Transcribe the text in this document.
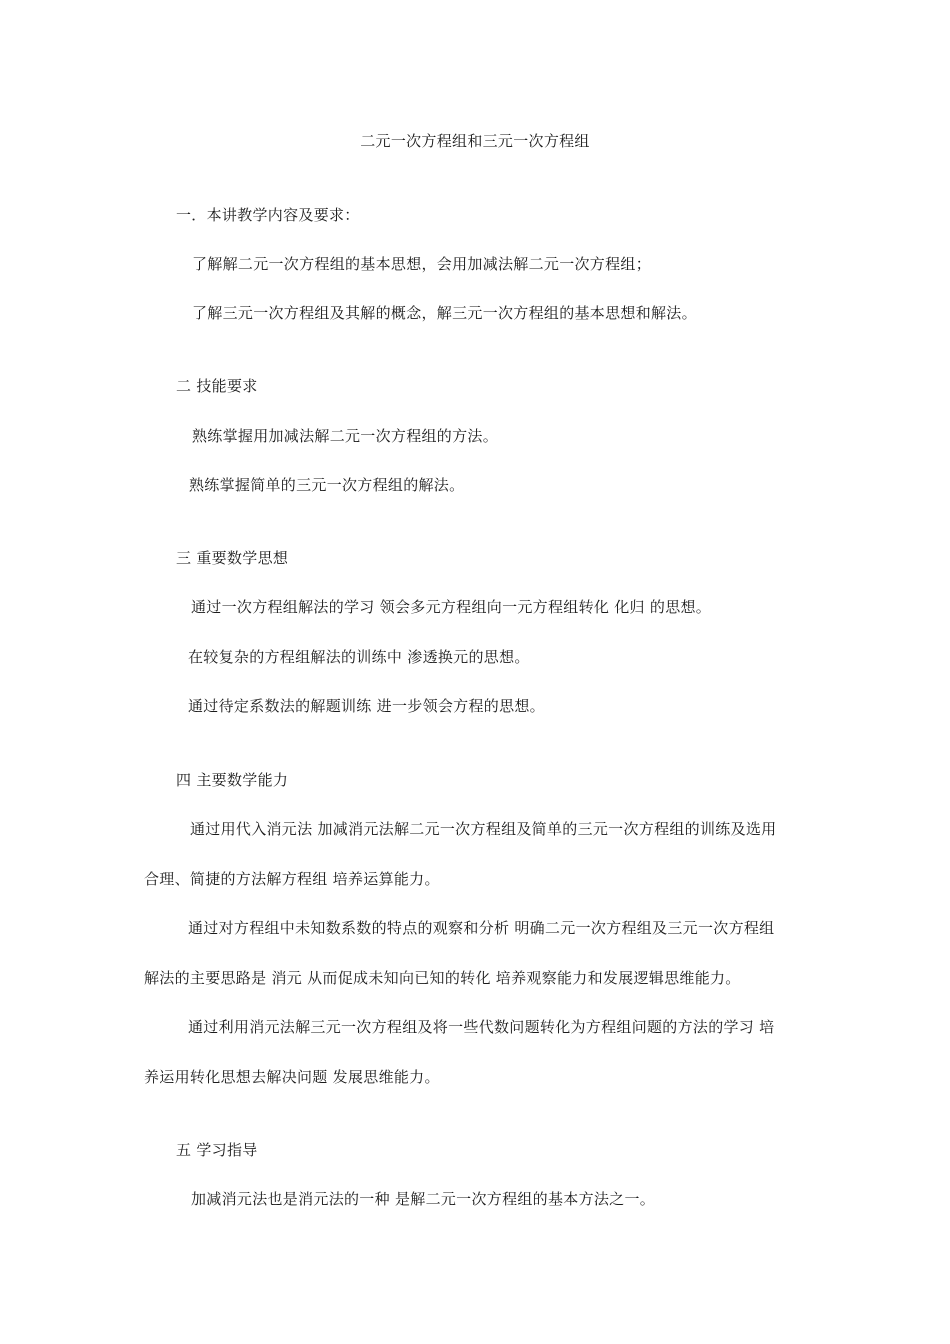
二元一次方程组和三元一次方程组
一．本讲教学内容及要求：
了解解二元一次方程组的基本思想，会用加减法解二元一次方程组；
了解三元一次方程组及其解的概念，解三元一次方程组的基本思想和解法。
二 技能要求
熟练掌握用加减法解二元一次方程组的方法。
熟练掌握简单的三元一次方程组的解法。
三 重要数学思想
通过一次方程组解法的学习 领会多元方程组向一元方程组转化 化归 的思想。
在较复杂的方程组解法的训练中 渗透换元的思想。
通过待定系数法的解题训练 进一步领会方程的思想。
四 主要数学能力
通过用代入消元法 加减消元法解二元一次方程组及简单的三元一次方程组的训练及选用
合理、简捷的方法解方程组 培养运算能力。
通过对方程组中未知数系数的特点的观察和分析 明确二元一次方程组及三元一次方程组
解法的主要思路是 消元 从而促成未知向已知的转化 培养观察能力和发展逻辑思维能力。
通过利用消元法解三元一次方程组及将一些代数问题转化为方程组问题的方法的学习 培
养运用转化思想去解决问题 发展思维能力。
五 学习指导
加减消元法也是消元法的一种 是解二元一次方程组的基本方法之一。
